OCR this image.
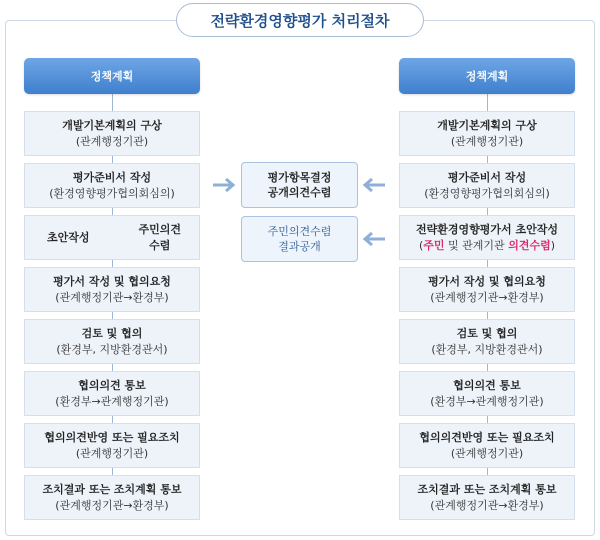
전략환경영향평가 처리절차
정책계획	정책계획
개발기본계획의 구상
(관계행정기관)
평가준비서 작성
(환경영향평가협의회심의)
초안작성
주민의견
수렴
평가서 작성 및 협의요청
(관계행정기관→환경부)
검토 및 협의
(환경부, 지방환경관서)
협의의견 통보
(환경부→관계행정기관)
협의의견반영 또는 필요조치
(관계행정기관)
조치결과 또는 조치계획 통보
(관계행정기관→환경부)
평가항목결정
공개의견수렴
주민의견수렴
결과공개
개발기본계획의 구상
(관계행정기관)
평가준비서 작성
(환경영향평가협의회심의)
전략환경영향평가서 초안작성
(주민 및 관계기관 의견수렴)
평가서 작성 및 협의요청
(관계행정기관→환경부)
검토 및 협의
(환경부, 지방환경관서)
협의의견 통보
(환경부→관계행정기관)
협의의견반영 또는 필요조치
(관계행정기관)
조치결과 또는 조치계획 통보
(관계행정기관→환경부)
